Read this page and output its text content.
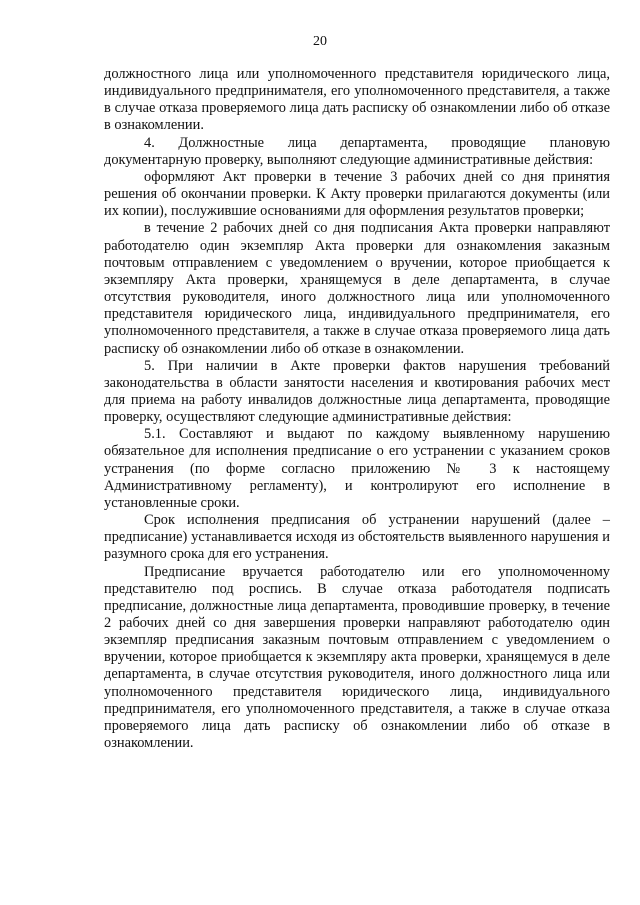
20

должностного лица или уполномоченного представителя юридического лица, индивидуального предпринимателя, его уполномоченного представителя, а также в случае отказа проверяемого лица дать расписку об ознакомлении либо об отказе в ознакомлении.

4. Должностные лица департамента, проводящие плановую документарную проверку, выполняют следующие административные действия:

оформляют Акт проверки в течение 3 рабочих дней со дня принятия решения об окончании проверки. К Акту проверки прилагаются документы (или их копии), послужившие основаниями для оформления результатов проверки;

в течение 2 рабочих дней со дня подписания Акта проверки направляют работодателю один экземпляр Акта проверки для ознакомления заказным почтовым отправлением с уведомлением о вручении, которое приобщается к экземпляру Акта проверки, хранящемуся в деле департамента, в случае отсутствия руководителя, иного должностного лица или уполномоченного представителя юридического лица, индивидуального предпринимателя, его уполномоченного представителя, а также в случае отказа проверяемого лица дать расписку об ознакомлении либо об отказе в ознакомлении.

5. При наличии в Акте проверки фактов нарушения требований законодательства в области занятости населения и квотирования рабочих мест для приема на работу инвалидов должностные лица департамента, проводящие проверку, осуществляют следующие административные действия:

5.1. Составляют и выдают по каждому выявленному нарушению обязательное для исполнения предписание о его устранении с указанием сроков устранения (по форме согласно приложению № 3 к настоящему Административному регламенту), и контролируют его исполнение в установленные сроки.

Срок исполнения предписания об устранении нарушений (далее – предписание) устанавливается исходя из обстоятельств выявленного нарушения и разумного срока для его устранения.

Предписание вручается работодателю или его уполномоченному представителю под роспись. В случае отказа работодателя подписать предписание, должностные лица департамента, проводившие проверку, в течение 2 рабочих дней со дня завершения проверки направляют работодателю один экземпляр предписания заказным почтовым отправлением с уведомлением о вручении, которое приобщается к экземпляру акта проверки, хранящемуся в деле департамента, в случае отсутствия руководителя, иного должностного лица или уполномоченного представителя юридического лица, индивидуального предпринимателя, его уполномоченного представителя, а также в случае отказа проверяемого лица дать расписку об ознакомлении либо об отказе в ознакомлении.
